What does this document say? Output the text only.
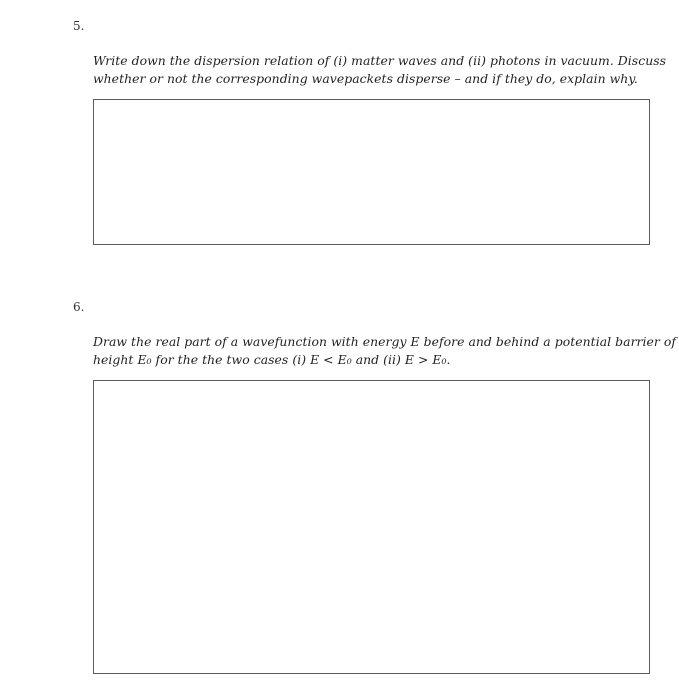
5.
Write down the dispersion relation of (i) matter waves and (ii) photons in vacuum. Discuss
whether or not the corresponding wavepackets disperse – and if they do, explain why.
6.
Draw the real part of a wavefunction with energy E before and behind a potential barrier of
height E₀ for the the two cases (i) E < E₀ and (ii) E > E₀.
